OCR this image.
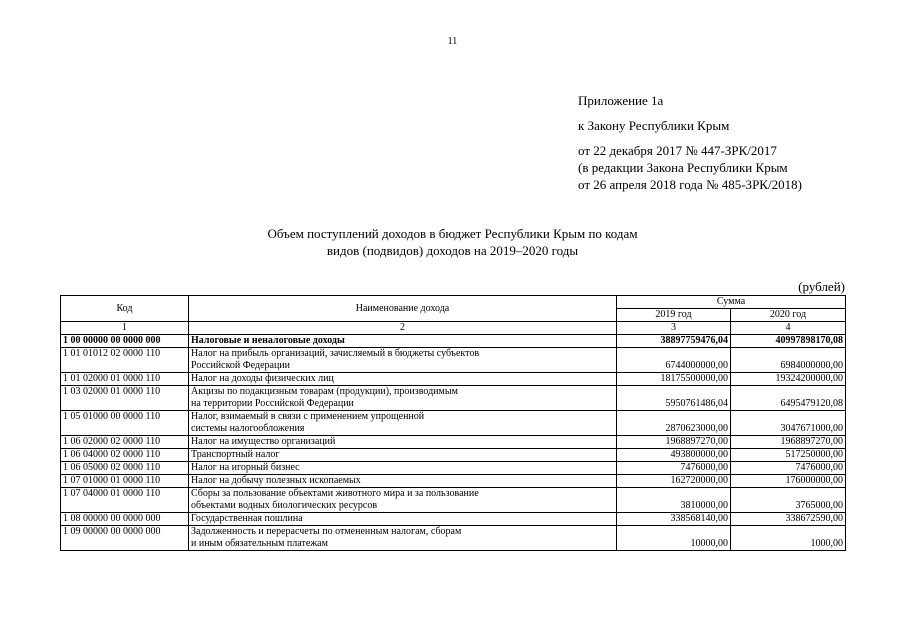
11
Приложение 1а
к Закону Республики Крым
от 22 декабря 2017 № 447-ЗРК/2017
(в редакции Закона Республики Крым
от 26 апреля 2018 года № 485-ЗРК/2018)
Объем поступлений доходов в бюджет Республики Крым по кодам
видов (подвидов) доходов на 2019–2020 годы
(рублей)
Код	Наименование дохода	Сумма	
		2019 год	2020 год
1	2	3	4
1 00 00000 00 0000 000	Налоговые и неналоговые доходы	38897759476,04	40997898170,08
1 01 01012 02 0000 110	Налог на прибыль организаций, зачисляемый в бюджеты субъектов
Российской Федерации	6744000000,00	6984000000,00
1 01 02000 01 0000 110	Налог на доходы физических лиц	18175500000,00	19324200000,00
1 03 02000 01 0000 110	Акцизы по подакцизным товарам (продукции), производимым
на территории Российской Федерации	5950761486,04	6495479120,08
1 05 01000 00 0000 110	Налог, взимаемый в связи с применением упрощенной
системы налогообложения	2870623000,00	3047671000,00
1 06 02000 02 0000 110	Налог на имущество организаций	1968897270,00	1968897270,00
1 06 04000 02 0000 110	Транспортный налог	493800000,00	517250000,00
1 06 05000 02 0000 110	Налог на игорный бизнес	7476000,00	7476000,00
1 07 01000 01 0000 110	Налог на добычу полезных ископаемых	162720000,00	176000000,00
1 07 04000 01 0000 110	Сборы за пользование объектами животного мира и за пользование
объектами водных биологических ресурсов	3810000,00	3765000,00
1 08 00000 00 0000 000	Государственная пошлина	338568140,00	338672590,00
1 09 00000 00 0000 000	Задолженность и перерасчеты по отмененным налогам, сборам
и иным обязательным платежам	10000,00	1000,00
